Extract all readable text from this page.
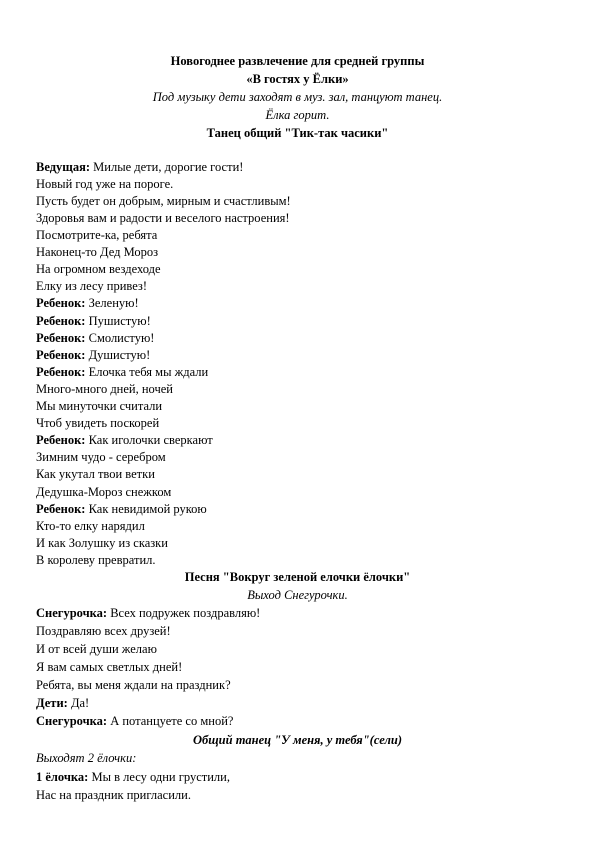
Новогоднее развлечение для средней группы
«В гостях у Ёлки»
Под музыку дети заходят в муз. зал, танцуют танец.
Ёлка горит.
Танец общий "Тик-так часики"
Ведущая: Милые дети, дорогие гости!
Новый год уже на пороге.
Пусть будет он добрым, мирным и счастливым!
Здоровья вам и радости и веселого настроения!
Посмотрите-ка, ребята
Наконец-то Дед Мороз
На огромном вездеходе
Елку из лесу привез!
Ребенок: Зеленую!
Ребенок: Пушистую!
Ребенок: Смолистую!
Ребенок: Душистую!
Ребенок: Елочка тебя мы ждали
Много-много дней, ночей
Мы минуточки считали
Чтоб увидеть поскорей
Ребенок: Как иголочки сверкают
Зимним чудо - серебром
Как укутал твои ветки
Дедушка-Мороз снежком
Ребенок: Как невидимой рукою
Кто-то елку нарядил
И как Золушку из сказки
В королеву превратил.
Песня "Вокруг зеленой елочки ёлочки"
Выход Снегурочки.
Снегурочка: Всех подружек поздравляю!
Поздравляю всех друзей!
И от всей души желаю
Я вам самых светлых дней!
Ребята, вы меня ждали на праздник?
Дети: Да!
Снегурочка: А потанцуете со мной?
Общий танец "У меня, у тебя"(сели)
Выходят 2 ёлочки:
1 ёлочка: Мы в лесу одни грустили,
Нас на праздник пригласили.
